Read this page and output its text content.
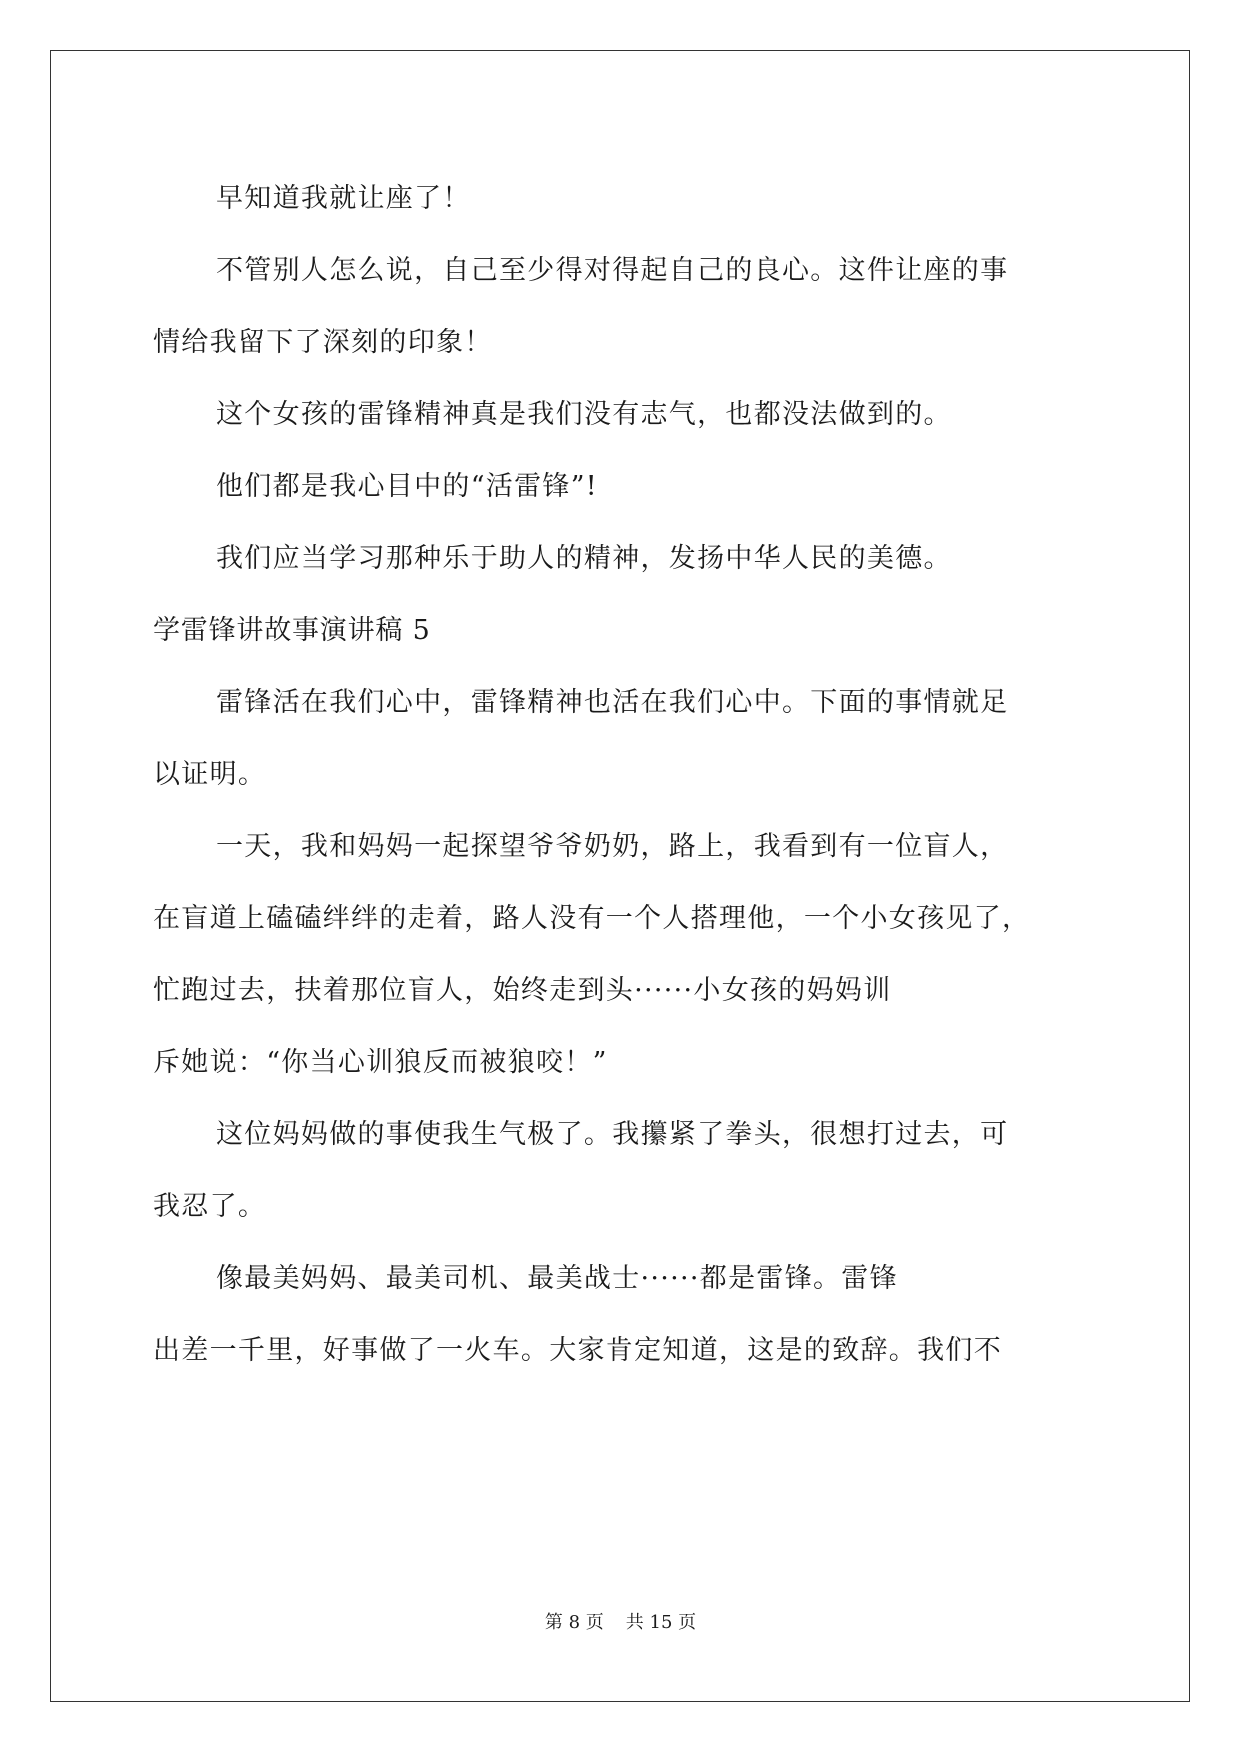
早知道我就让座了！
不管别人怎么说，自己至少得对得起自己的良心。这件让座的事
情给我留下了深刻的印象！
这个女孩的雷锋精神真是我们没有志气，也都没法做到的。
他们都是我心目中的“活雷锋”!
我们应当学习那种乐于助人的精神，发扬中华人民的美德。
学雷锋讲故事演讲稿 5
雷锋活在我们心中，雷锋精神也活在我们心中。下面的事情就足
以证明。
一天，我和妈妈一起探望爷爷奶奶，路上，我看到有一位盲人，
在盲道上磕磕绊绊的走着，路人没有一个人搭理他，一个小女孩见了，
忙跑过去，扶着那位盲人，始终走到头······小女孩的妈妈训
斥她说：“你当心训狼反而被狼咬！”
这位妈妈做的事使我生气极了。我攥紧了拳头，很想打过去，可
我忍了。
像最美妈妈、最美司机、最美战士······都是雷锋。雷锋
出差一千里，好事做了一火车。大家肯定知道，这是的致辞。我们不
第 8 页 共 15 页
